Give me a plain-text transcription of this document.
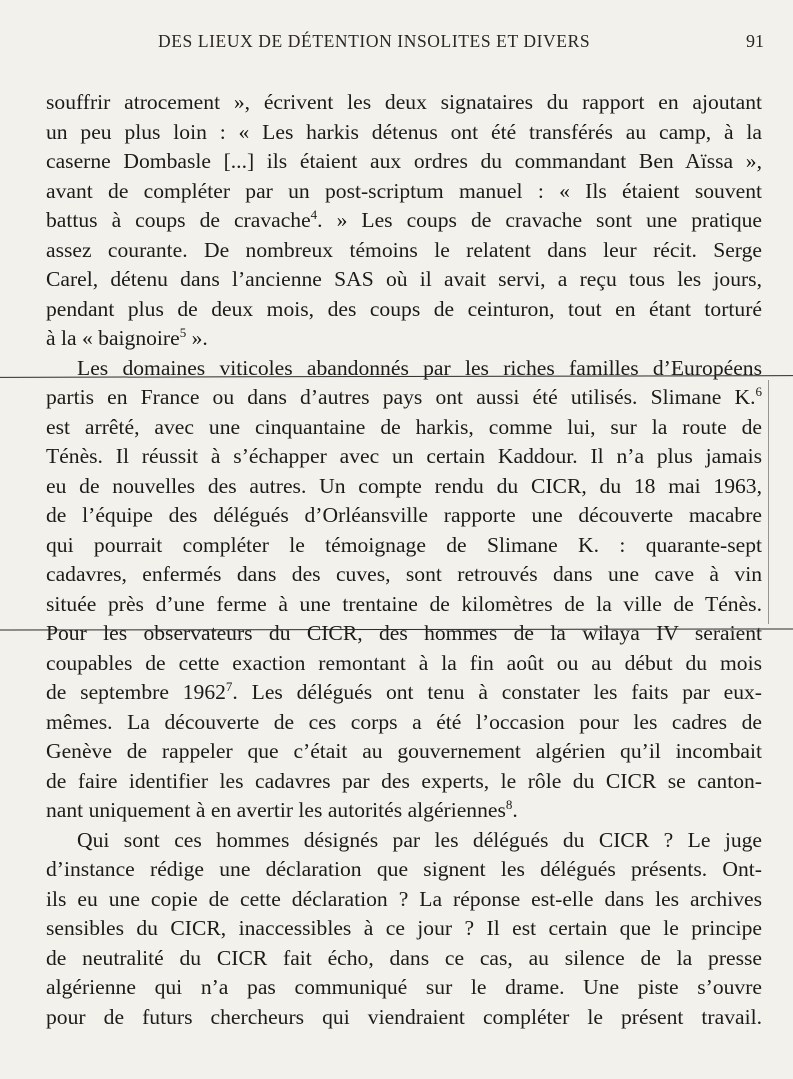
DES LIEUX DE DÉTENTION INSOLITES ET DIVERS	91

souffrir atrocement », écrivent les deux signataires du rapport en ajoutant

un peu plus loin : « Les harkis détenus ont été transférés au camp, à la

caserne Dombasle [...] ils étaient aux ordres du commandant Ben Aïssa »,

avant de compléter par un post-scriptum manuel : « Ils étaient souvent

battus à coups de cravache$^4$. » Les coups de cravache sont une pratique

assez courante. De nombreux témoins le relatent dans leur récit. Serge

Carel, détenu dans l’ancienne SAS où il avait servi, a reçu tous les jours,

pendant plus de deux mois, des coups de ceinturon, tout en étant torturé

à la « baignoire$^5$ ».

Les domaines viticoles abandonnés par les riches familles d’Européens

partis en France ou dans d’autres pays ont aussi été utilisés. Slimane K.$^6$

est arrêté, avec une cinquantaine de harkis, comme lui, sur la route de

Ténès. Il réussit à s’échapper avec un certain Kaddour. Il n’a plus jamais

eu de nouvelles des autres. Un compte rendu du CICR, du 18 mai 1963,

de l’équipe des délégués d’Orléansville rapporte une découverte macabre

qui pourrait compléter le témoignage de Slimane K. : quarante-sept

cadavres, enfermés dans des cuves, sont retrouvés dans une cave à vin

située près d’une ferme à une trentaine de kilomètres de la ville de Ténès.

Pour les observateurs du CICR, des hommes de la wilaya IV seraient

coupables de cette exaction remontant à la fin août ou au début du mois

de septembre 1962$^7$. Les délégués ont tenu à constater les faits par eux-

mêmes. La découverte de ces corps a été l’occasion pour les cadres de

Genève de rappeler que c’était au gouvernement algérien qu’il incombait

de faire identifier les cadavres par des experts, le rôle du CICR se canton-

nant uniquement à en avertir les autorités algériennes$^8$.

Qui sont ces hommes désignés par les délégués du CICR ? Le juge

d’instance rédige une déclaration que signent les délégués présents. Ont-

ils eu une copie de cette déclaration ? La réponse est-elle dans les archives

sensibles du CICR, inaccessibles à ce jour ? Il est certain que le principe

de neutralité du CICR fait écho, dans ce cas, au silence de la presse

algérienne qui n’a pas communiqué sur le drame. Une piste s’ouvre

pour de futurs chercheurs qui viendraient compléter le présent travail.
